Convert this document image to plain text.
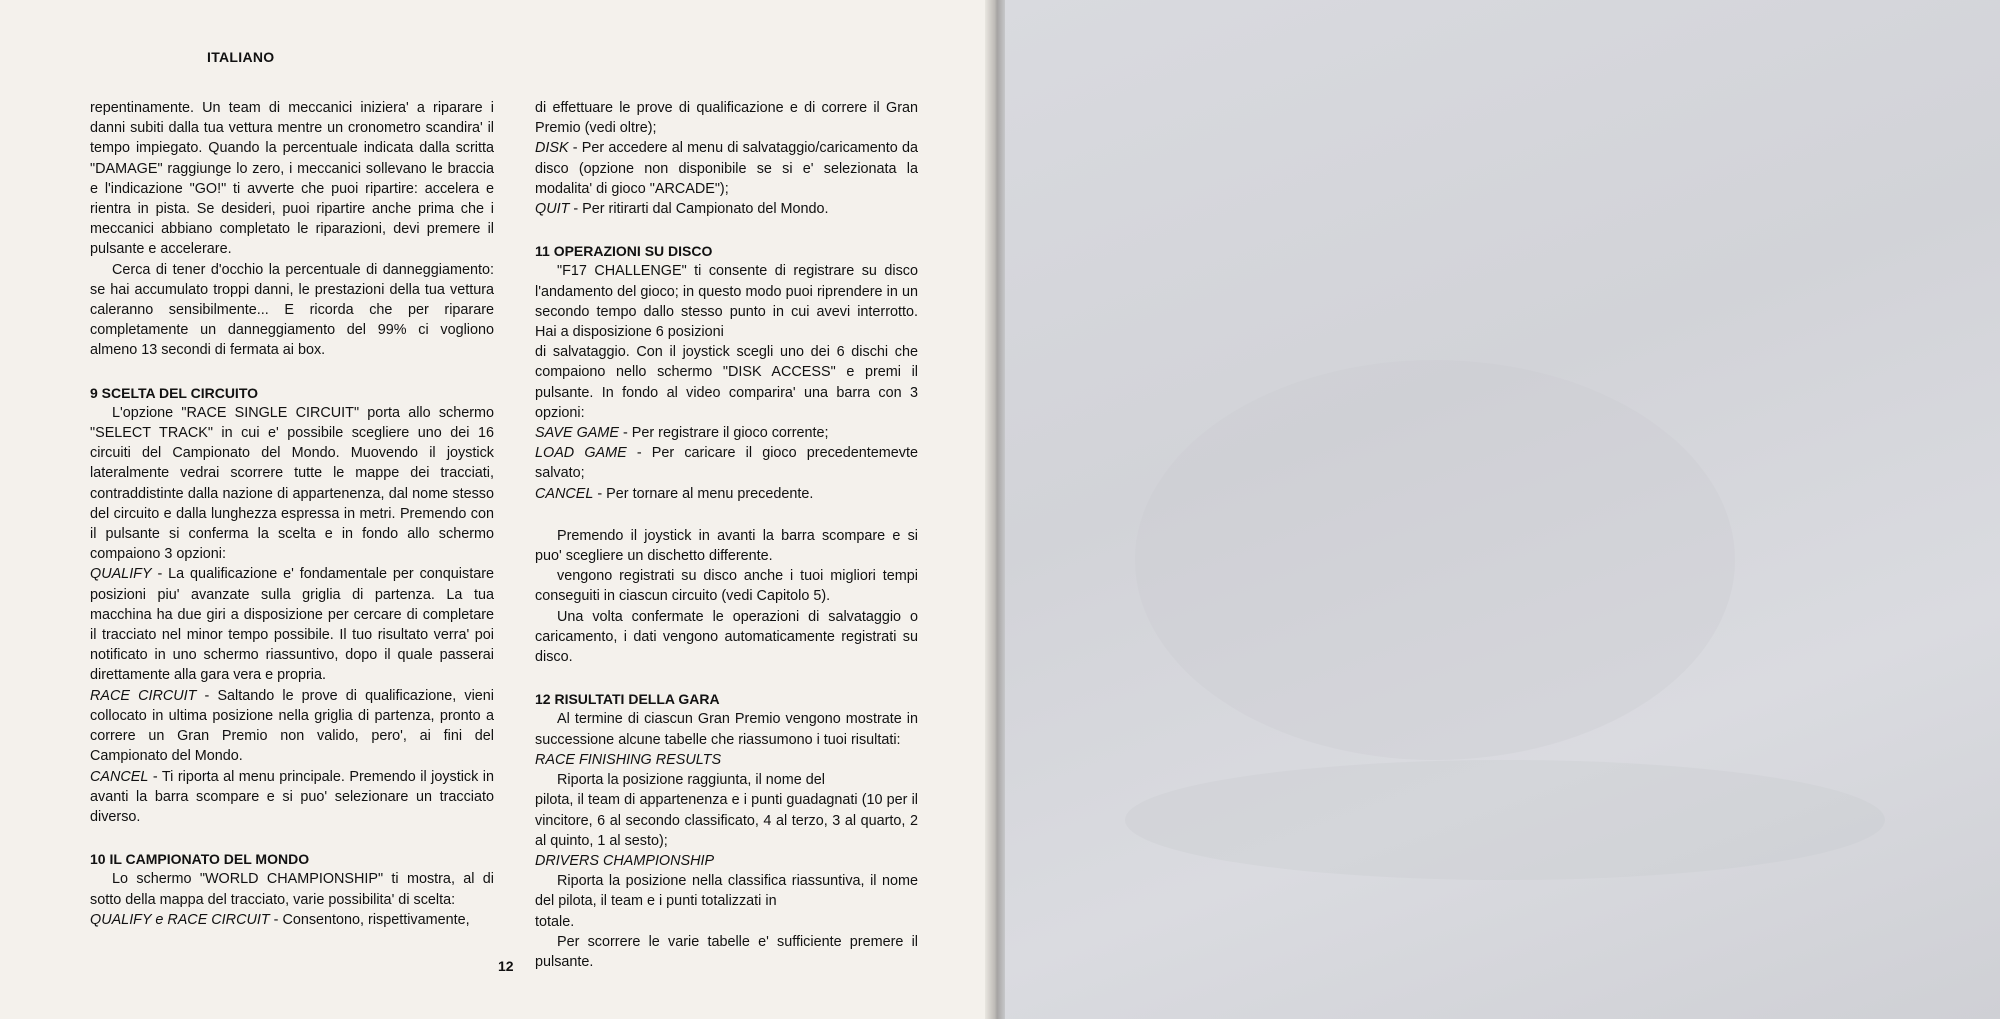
ITALIANO

repentinamente. Un team di meccanici iniziera' a riparare i danni subiti dalla tua vettura mentre un cronometro scandira' il tempo impiegato. Quando la percentuale indicata dalla scritta "DAMAGE" raggiunge lo zero, i meccanici sollevano le braccia e l'indicazione "GO!" ti avverte che puoi ripartire: accelera e rientra in pista. Se desideri, puoi ripartire anche prima che i meccanici abbiano completato le riparazioni, devi premere il pulsante e accelerare.

Cerca di tener d'occhio la percentuale di danneggiamento: se hai accumulato troppi danni, le prestazioni della tua vettura caleranno sensibilmente... E ricorda che per riparare completamente un danneggiamento del 99% ci vogliono almeno 13 secondi di fermata ai box.

9 SCELTA DEL CIRCUITO

L'opzione "RACE SINGLE CIRCUIT" porta allo schermo "SELECT TRACK" in cui e' possibile scegliere uno dei 16 circuiti del Campionato del Mondo. Muovendo il joystick lateralmente vedrai scorrere tutte le mappe dei tracciati, contraddistinte dalla nazione di appartenenza, dal nome stesso del circuito e dalla lunghezza espressa in metri. Premendo con il pulsante si conferma la scelta e in fondo allo schermo compaiono 3 opzioni:

QUALIFY - La qualificazione e' fondamentale per conquistare posizioni piu' avanzate sulla griglia di partenza. La tua macchina ha due giri a disposizione per cercare di completare il tracciato nel minor tempo possibile. Il tuo risultato verra' poi notificato in uno schermo riassuntivo, dopo il quale passerai direttamente alla gara vera e propria.

RACE CIRCUIT - Saltando le prove di qualificazione, vieni collocato in ultima posizione nella griglia di partenza, pronto a correre un Gran Premio non valido, pero', ai fini del Campionato del Mondo.

CANCEL - Ti riporta al menu principale. Premendo il joystick in avanti la barra scompare e si puo' selezionare un tracciato diverso.

10 IL CAMPIONATO DEL MONDO

Lo schermo "WORLD CHAMPIONSHIP" ti mostra, al di sotto della mappa del tracciato, varie possibilita' di scelta:

QUALIFY e RACE CIRCUIT - Consentono, rispettivamente,

di effettuare le prove di qualificazione e di correre il Gran Premio (vedi oltre);

DISK - Per accedere al menu di salvataggio/caricamento da disco (opzione non disponibile se si e' selezionata la modalita' di gioco "ARCADE");

QUIT - Per ritirarti dal Campionato del Mondo.

11 OPERAZIONI SU DISCO

"F17 CHALLENGE" ti consente di registrare su disco l'andamento del gioco; in questo modo puoi riprendere in un secondo tempo dallo stesso punto in cui avevi interrotto. Hai a disposizione 6 posizioni

di salvataggio. Con il joystick scegli uno dei 6 dischi che compaiono nello schermo "DISK ACCESS" e premi il pulsante. In fondo al video comparira' una barra con 3 opzioni:

SAVE GAME - Per registrare il gioco corrente;

LOAD GAME - Per caricare il gioco precedentemevte salvato;

CANCEL - Per tornare al menu precedente.

Premendo il joystick in avanti la barra scompare e si puo' scegliere un dischetto differente.

vengono registrati su disco anche i tuoi migliori tempi conseguiti in ciascun circuito (vedi Capitolo 5).

Una volta confermate le operazioni di salvataggio o caricamento, i dati vengono automaticamente registrati su disco.

12 RISULTATI DELLA GARA

Al termine di ciascun Gran Premio vengono mostrate in successione alcune tabelle che riassumono i tuoi risultati:

RACE FINISHING RESULTS

Riporta la posizione raggiunta, il nome del

pilota, il team di appartenenza e i punti guadagnati (10 per il vincitore, 6 al secondo classificato, 4 al terzo, 3 al quarto, 2 al quinto, 1 al sesto);

DRIVERS CHAMPIONSHIP

Riporta la posizione nella classifica riassuntiva, il nome del pilota, il team e i punti totalizzati in

totale.

Per scorrere le varie tabelle e' sufficiente premere il pulsante.

12
